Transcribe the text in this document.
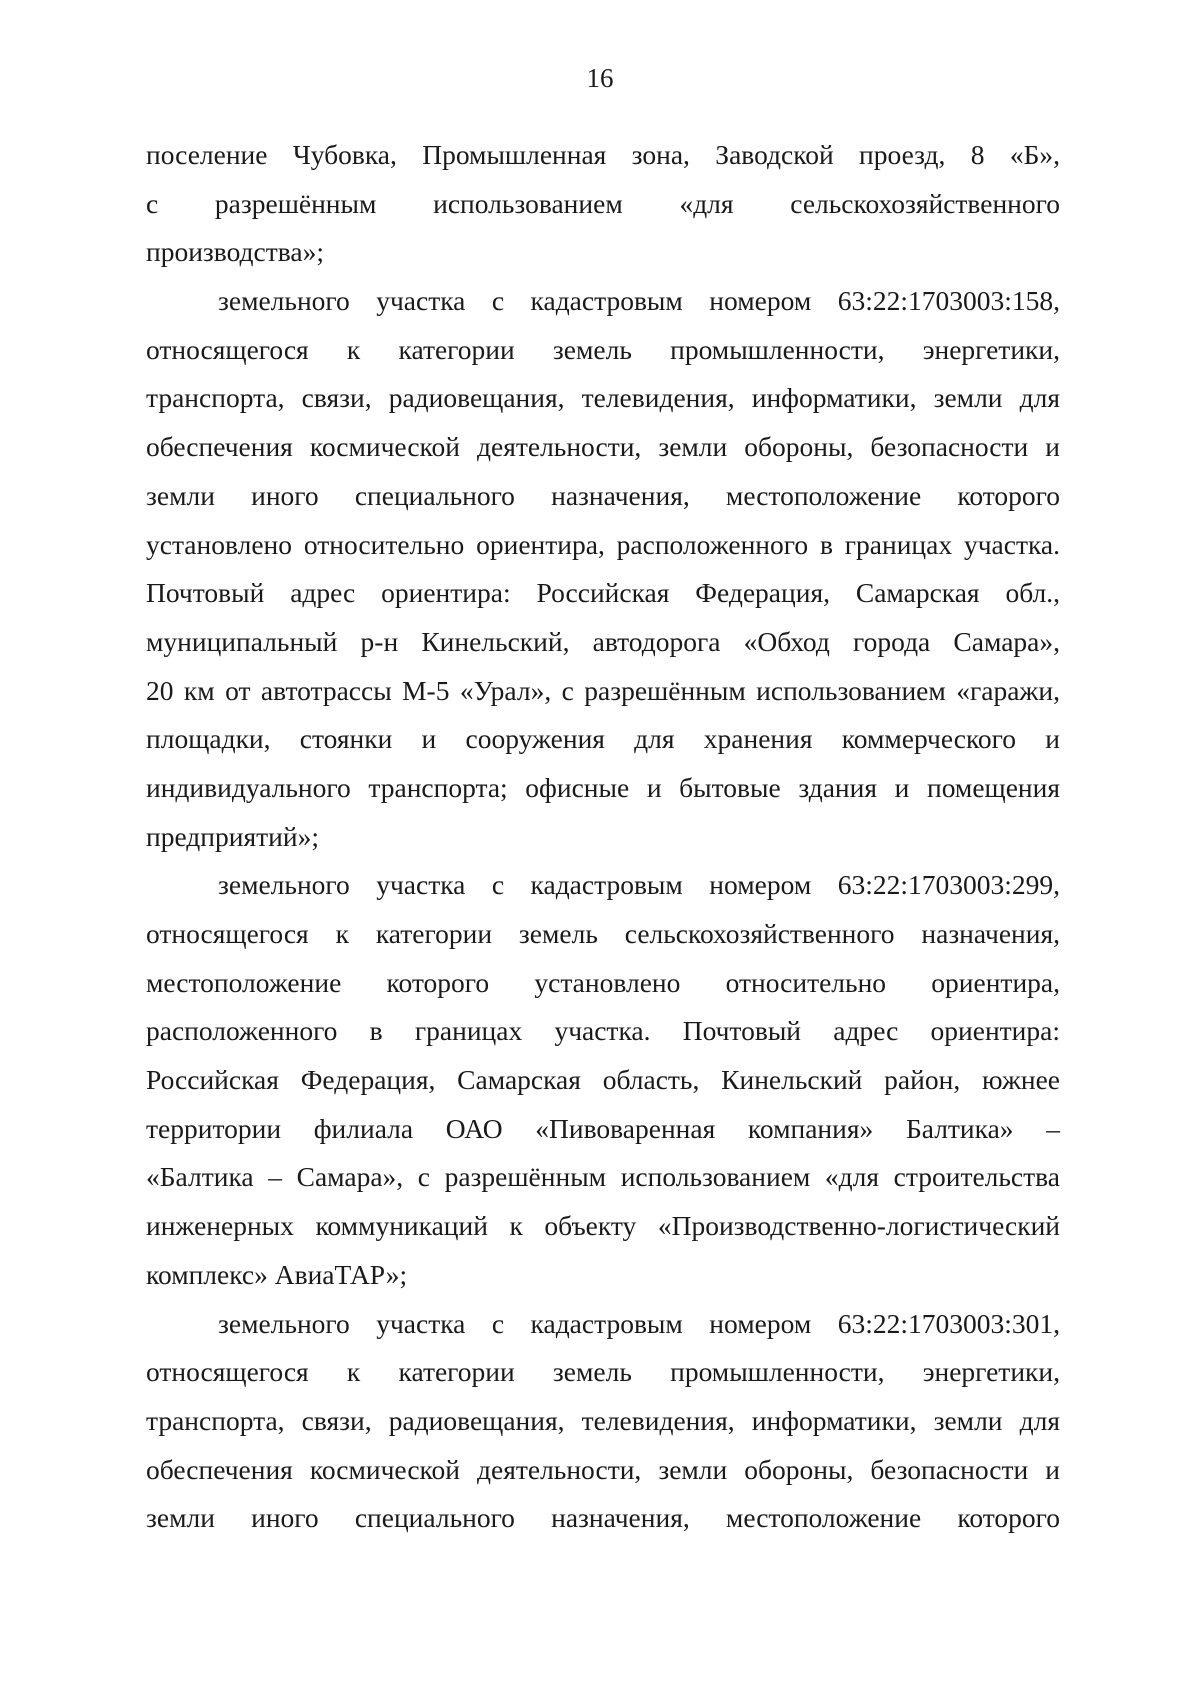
16
поселение Чубовка, Промышленная зона, Заводской проезд, 8 «Б»,
с разрешённым использованием «для сельскохозяйственного
производства»;
земельного участка с кадастровым номером 63:22:1703003:158,
относящегося к категории земель промышленности, энергетики,
транспорта, связи, радиовещания, телевидения, информатики, земли для
обеспечения космической деятельности, земли обороны, безопасности и
земли иного специального назначения, местоположение которого
установлено относительно ориентира, расположенного в границах участка.
Почтовый адрес ориентира: Российская Федерация, Самарская обл.,
муниципальный р-н Кинельский, автодорога «Обход города Самара»,
20 км от автотрассы М-5 «Урал», с разрешённым использованием «гаражи,
площадки, стоянки и сооружения для хранения коммерческого и
индивидуального транспорта; офисные и бытовые здания и помещения
предприятий»;
земельного участка с кадастровым номером 63:22:1703003:299,
относящегося к категории земель сельскохозяйственного назначения,
местоположение которого установлено относительно ориентира,
расположенного в границах участка. Почтовый адрес ориентира:
Российская Федерация, Самарская область, Кинельский район, южнее
территории филиала ОАО «Пивоваренная компания» Балтика» –
«Балтика – Самара», с разрешённым использованием «для строительства
инженерных коммуникаций к объекту «Производственно-логистический
комплекс» АвиаТАР»;
земельного участка с кадастровым номером 63:22:1703003:301,
относящегося к категории земель промышленности, энергетики,
транспорта, связи, радиовещания, телевидения, информатики, земли для
обеспечения космической деятельности, земли обороны, безопасности и
земли иного специального назначения, местоположение которого
